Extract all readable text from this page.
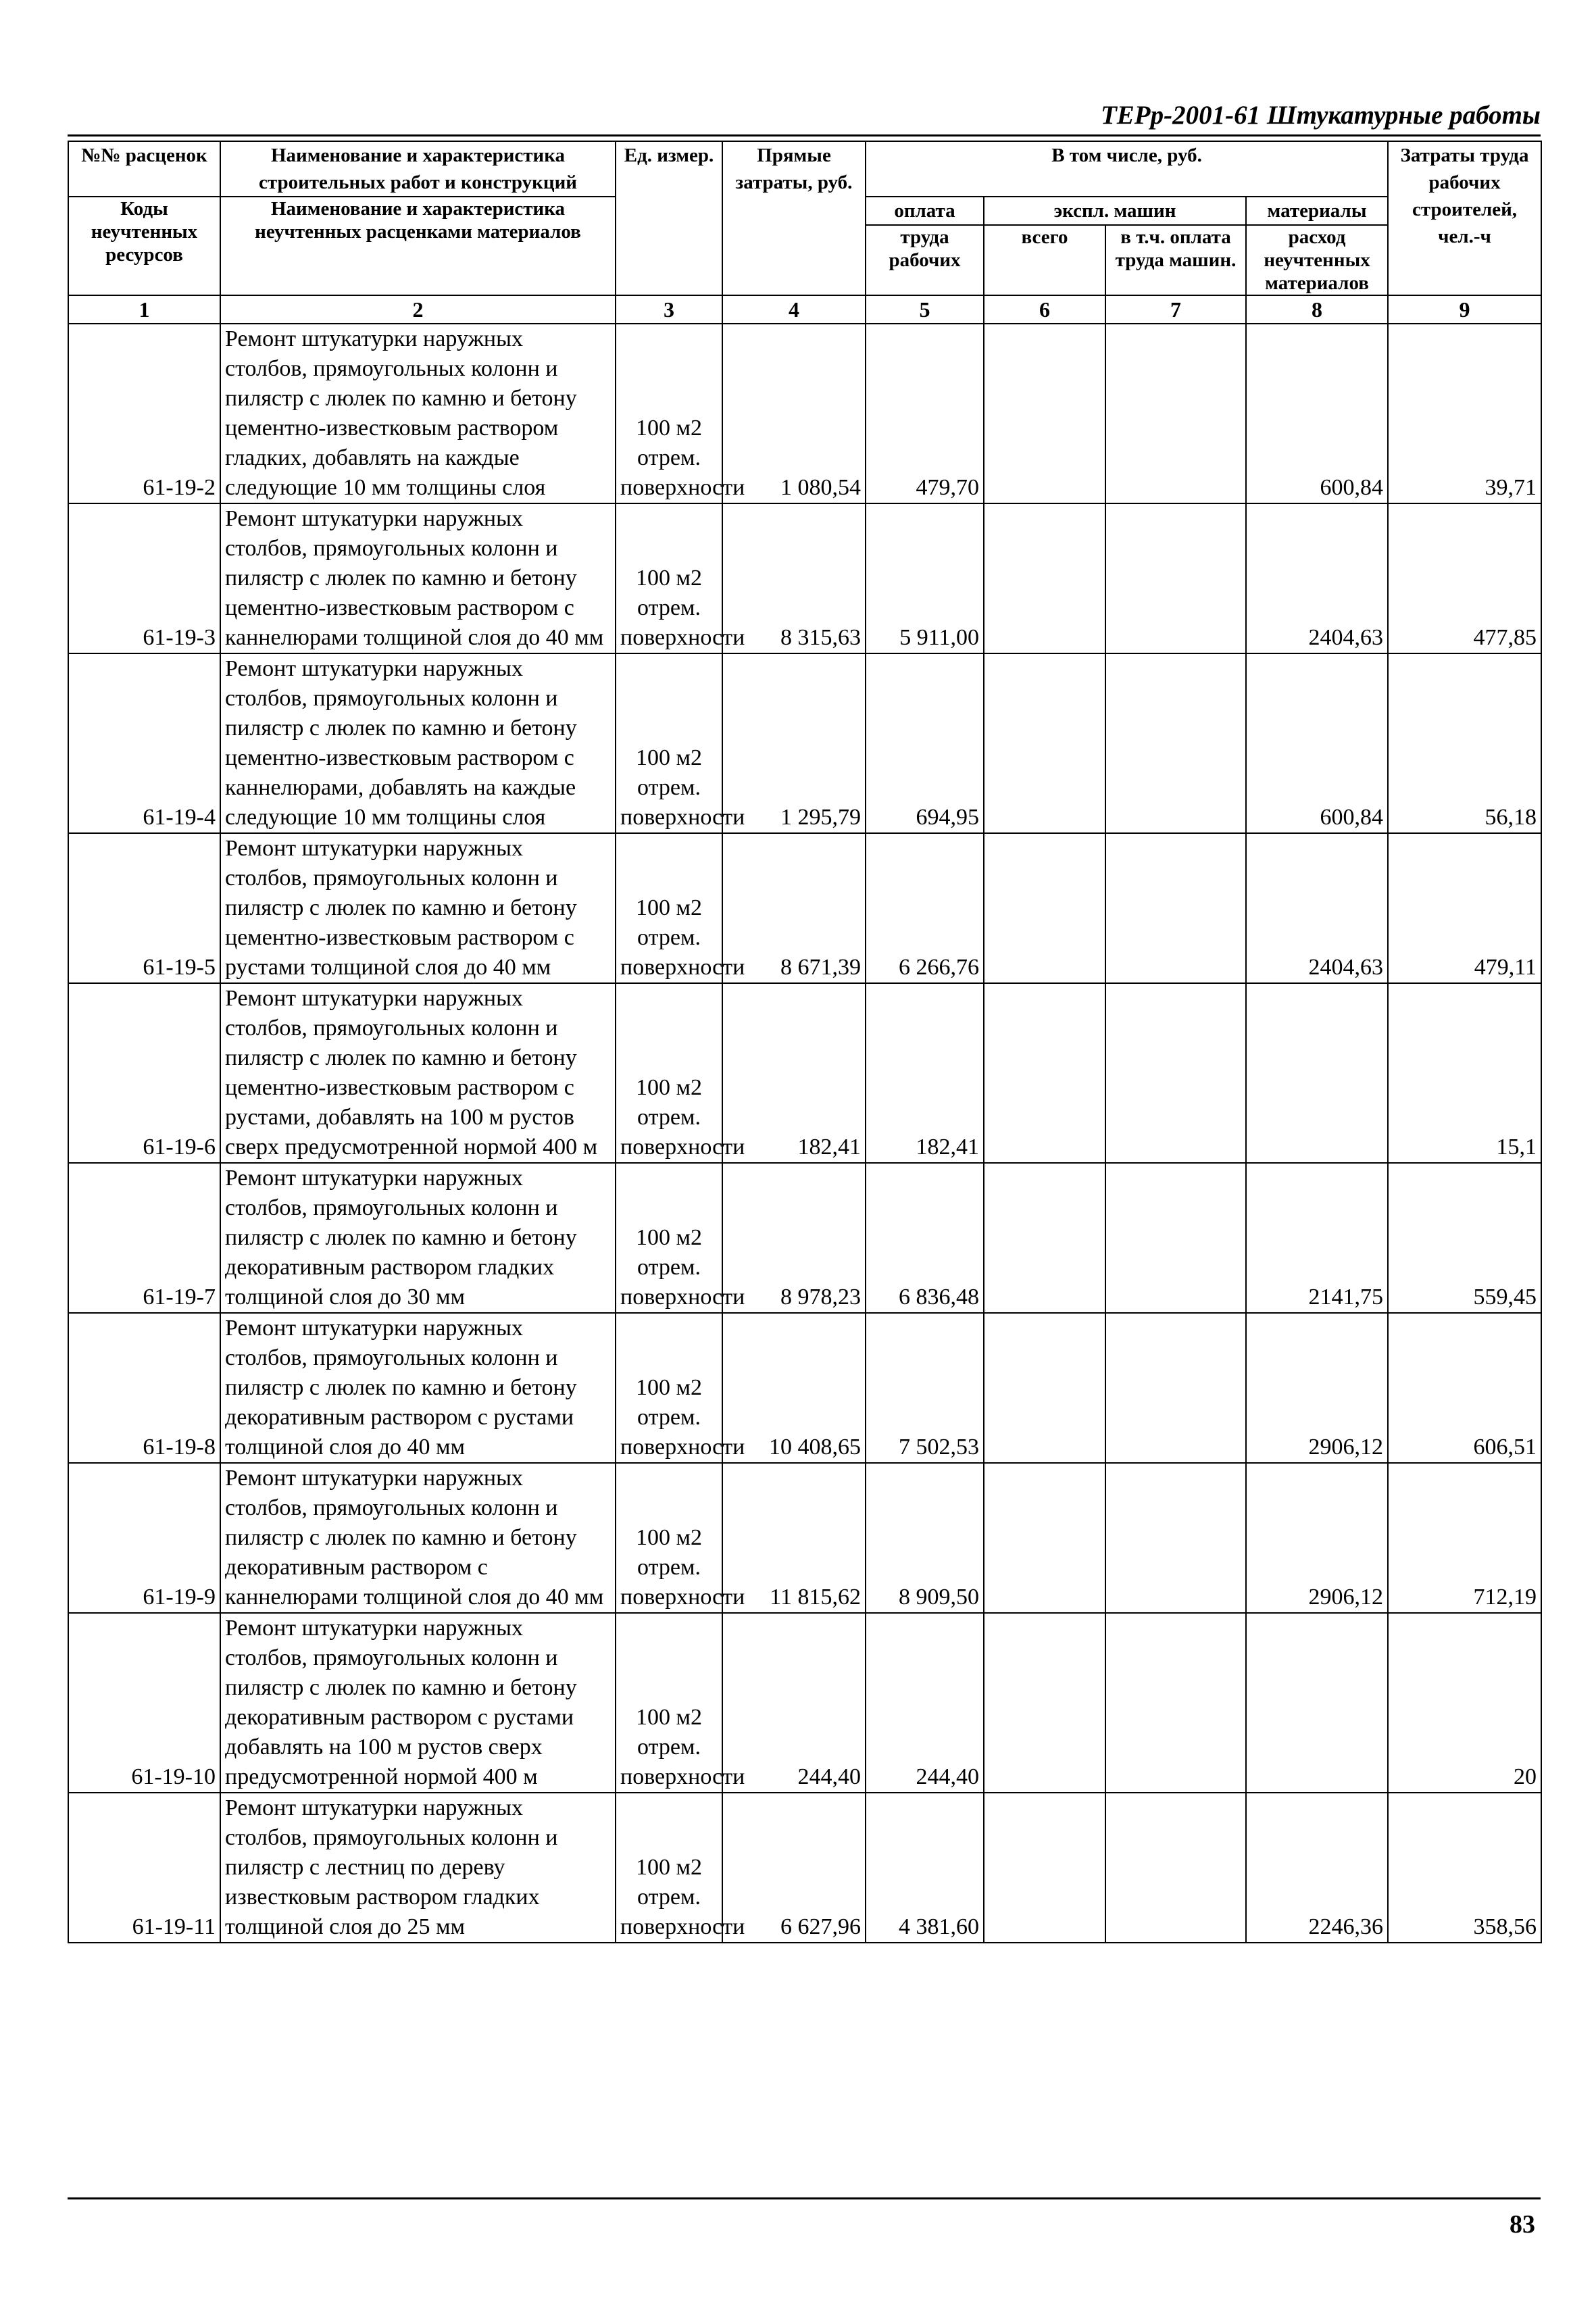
ТЕРр-2001-61 Штукатурные работы
№№ расценок	Наименование и характеристика строительных работ и конструкций	Ед. измер.	Прямые затраты, руб.	В том числе, руб.				Затраты труда рабочих строителей, чел.-ч
Коды неучтенных ресурсов	Наименование и характеристика неучтенных расценками материалов			оплата	экспл. машин		материалы	
				труда рабочих	всего	в т.ч. оплата труда машин.	расход неучтенных материалов	
1	2	3	4	5	6	7	8	9
61-19-2	Ремонт штукатурки наружных столбов, прямоугольных колонн и пилястр с люлек по камню и бетону цементно-известковым раствором гладких, добавлять на каждые следующие 10 мм толщины слоя	100 м2 отрем. поверхности	1 080,54	479,70			600,84	39,71
61-19-3	Ремонт штукатурки наружных столбов, прямоугольных колонн и пилястр с люлек по камню и бетону цементно-известковым раствором с каннелюрами толщиной слоя до 40 мм	100 м2 отрем. поверхности	8 315,63	5 911,00			2404,63	477,85
61-19-4	Ремонт штукатурки наружных столбов, прямоугольных колонн и пилястр с люлек по камню и бетону цементно-известковым раствором с каннелюрами, добавлять на каждые следующие 10 мм толщины слоя	100 м2 отрем. поверхности	1 295,79	694,95			600,84	56,18
61-19-5	Ремонт штукатурки наружных столбов, прямоугольных колонн и пилястр с люлек по камню и бетону цементно-известковым раствором с рустами толщиной слоя до 40 мм	100 м2 отрем. поверхности	8 671,39	6 266,76			2404,63	479,11
61-19-6	Ремонт штукатурки наружных столбов, прямоугольных колонн и пилястр с люлек по камню и бетону цементно-известковым раствором с рустами, добавлять на 100 м рустов сверх предусмотренной нормой 400 м	100 м2 отрем. поверхности	182,41	182,41				15,1
61-19-7	Ремонт штукатурки наружных столбов, прямоугольных колонн и пилястр с люлек по камню и бетону декоративным раствором гладких толщиной слоя до 30 мм	100 м2 отрем. поверхности	8 978,23	6 836,48			2141,75	559,45
61-19-8	Ремонт штукатурки наружных столбов, прямоугольных колонн и пилястр с люлек по камню и бетону декоративным раствором с рустами толщиной слоя до 40 мм	100 м2 отрем. поверхности	10 408,65	7 502,53			2906,12	606,51
61-19-9	Ремонт штукатурки наружных столбов, прямоугольных колонн и пилястр с люлек по камню и бетону декоративным раствором с каннелюрами толщиной слоя до 40 мм	100 м2 отрем. поверхности	11 815,62	8 909,50			2906,12	712,19
61-19-10	Ремонт штукатурки наружных столбов, прямоугольных колонн и пилястр с люлек по камню и бетону декоративным раствором с рустами добавлять на 100 м рустов сверх предусмотренной нормой 400 м	100 м2 отрем. поверхности	244,40	244,40				20
61-19-11	Ремонт штукатурки наружных столбов, прямоугольных колонн и пилястр с лестниц по дереву известковым раствором гладких толщиной слоя до 25 мм	100 м2 отрем. поверхности	6 627,96	4 381,60			2246,36	358,56
83
